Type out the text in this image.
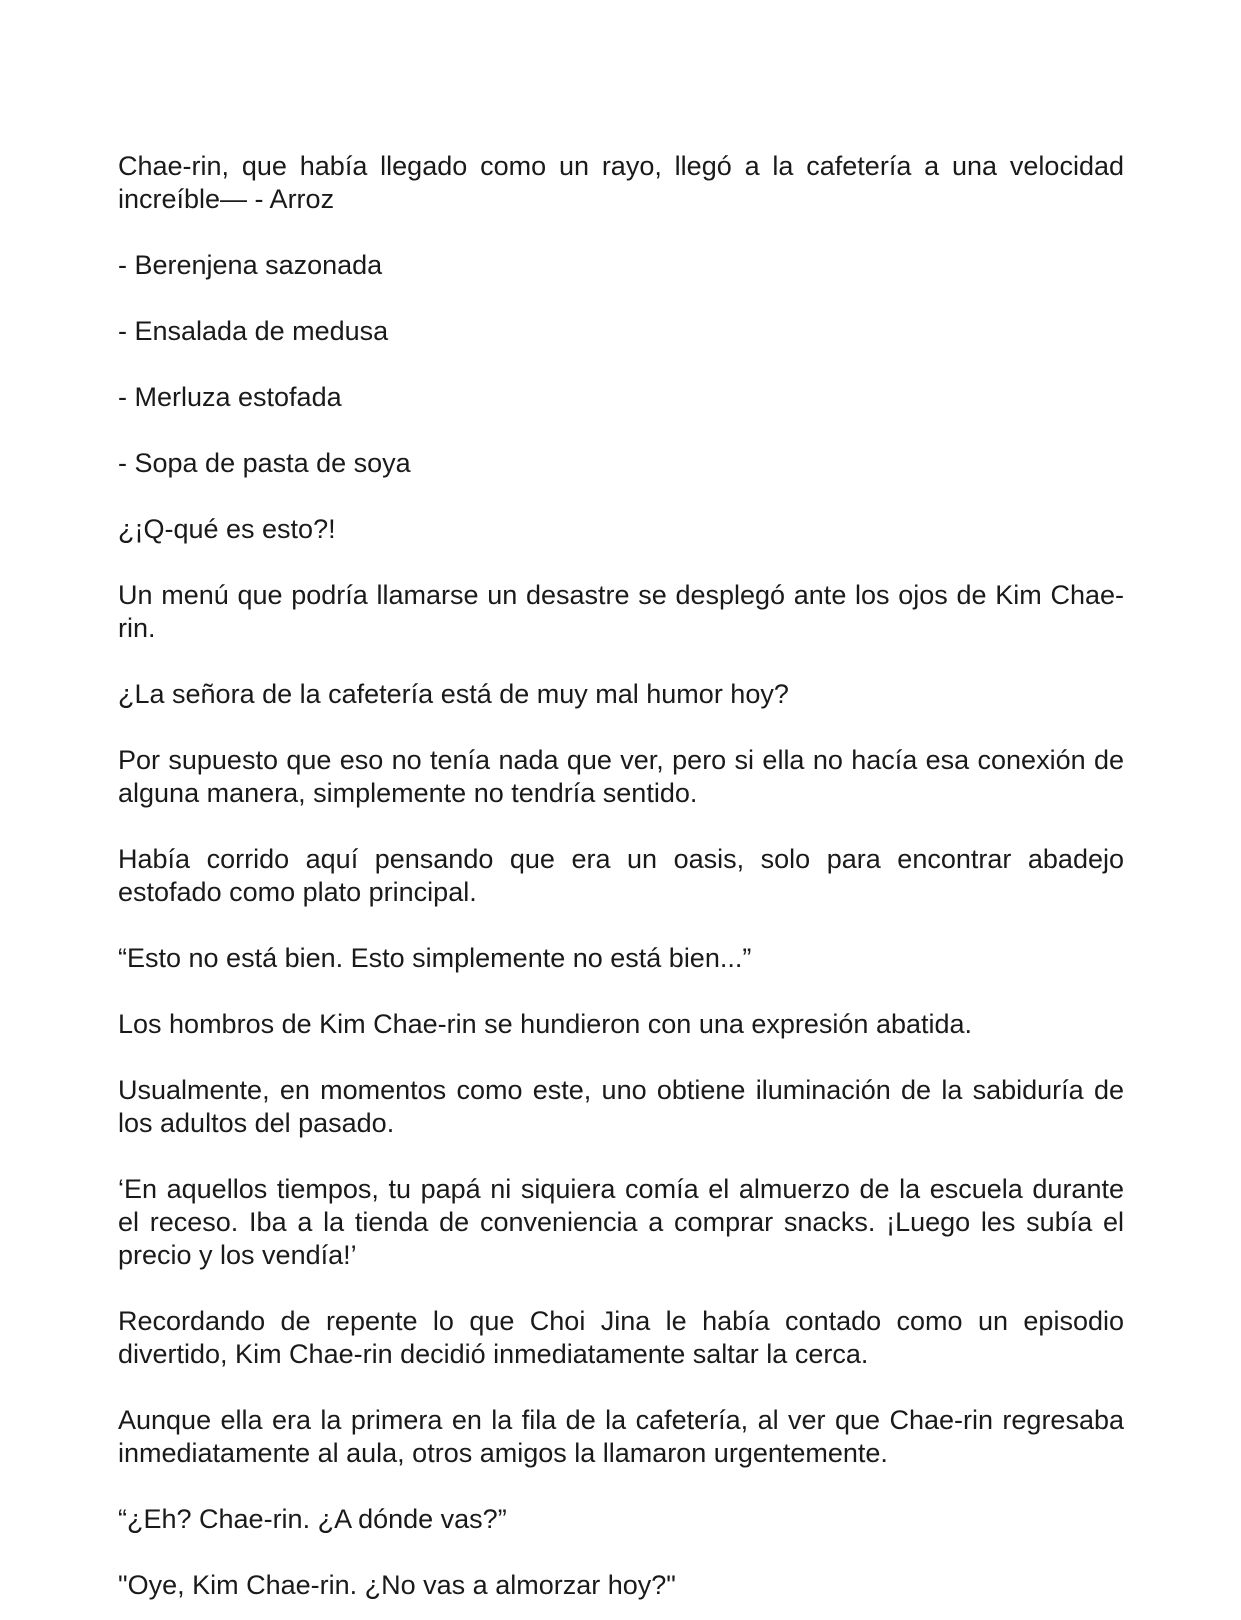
Chae-rin, que había llegado como un rayo, llegó a la cafetería a una velocidad increíble— - Arroz

- Berenjena sazonada

- Ensalada de medusa

- Merluza estofada

- Sopa de pasta de soya

¿¡Q-qué es esto?!

Un menú que podría llamarse un desastre se desplegó ante los ojos de Kim Chae-rin.

¿La señora de la cafetería está de muy mal humor hoy?

Por supuesto que eso no tenía nada que ver, pero si ella no hacía esa conexión de alguna manera, simplemente no tendría sentido.

Había corrido aquí pensando que era un oasis, solo para encontrar abadejo estofado como plato principal.

“Esto no está bien. Esto simplemente no está bien...”

Los hombros de Kim Chae-rin se hundieron con una expresión abatida.

Usualmente, en momentos como este, uno obtiene iluminación de la sabiduría de los adultos del pasado.

‘En aquellos tiempos, tu papá ni siquiera comía el almuerzo de la escuela durante el receso. Iba a la tienda de conveniencia a comprar snacks. ¡Luego les subía el precio y los vendía!’

Recordando de repente lo que Choi Jina le había contado como un episodio divertido, Kim Chae-rin decidió inmediatamente saltar la cerca.

Aunque ella era la primera en la fila de la cafetería, al ver que Chae-rin regresaba inmediatamente al aula, otros amigos la llamaron urgentemente.

“¿Eh? Chae-rin. ¿A dónde vas?”

"Oye, Kim Chae-rin. ¿No vas a almorzar hoy?"
